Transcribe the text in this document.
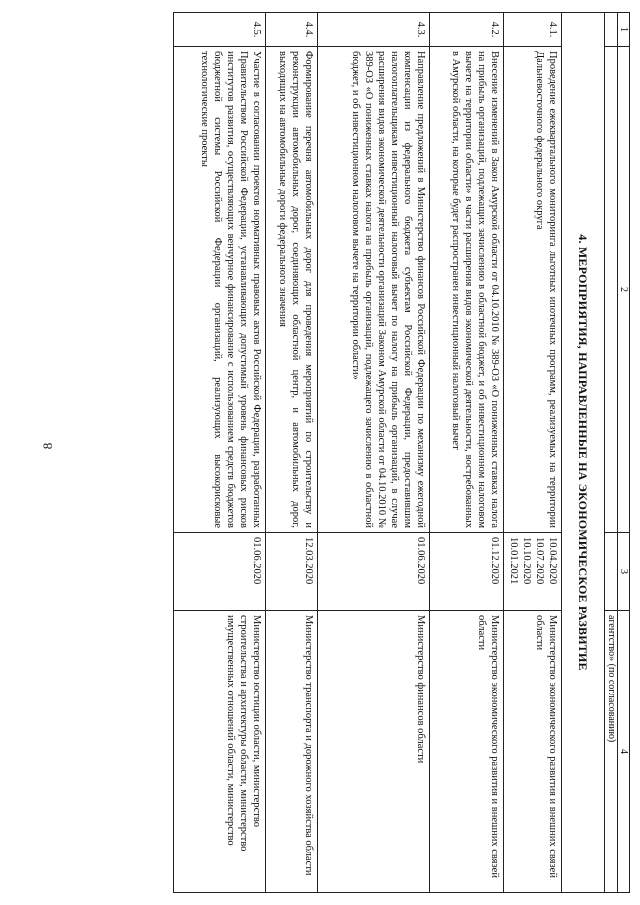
8
1	2	3	4
			агентство» (по согласованию)
4. МЕРОПРИЯТИЯ, НАПРАВЛЕННЫЕ НА ЭКОНОМИЧЕСКОЕ РАЗВИТИЕ			
4.1.	Проведение ежеквартального мониторинга льготных ипотечных программ, реализуемых на территории Дальневосточного федерального округа	10.04.2020
10.07.2020
10.10.2020
10.01.2021	Министерство экономического развития и внешних связей области
4.2.	Внесение изменений в Закон Амурской области от 04.10.2010 № 389-ОЗ «О пониженных ставках налога на прибыль организаций, подлежащих зачислению в областной бюджет, и об инвестиционном налоговом вычете на территории области» в части расширения видов экономической деятельности, востребованных в Амурской области, на которые будет распространен инвестиционный налоговый вычет	01.12.2020	Министерство экономического развития и внешних связей области
4.3.	Направление предложений в Министерство финансов Российской Федерации по механизму ежегодной компенсации из федерального бюджета субъектам Российской Федерации, предоставившим налогоплательщикам инвестиционный налоговый вычет по налогу на прибыль организаций, в случае расширения видов экономической деятельности организаций Законом Амурской области от 04.10.2010 № 389-ОЗ «О пониженных ставках налога на прибыль организаций, подлежащего зачислению в областной бюджет, и об инвестиционном налоговом вычете на территории области»	01.06.2020	Министерство финансов области
4.4.	Формирование перечня автомобильных дорог для проведения мероприятий по строительству и реконструкции автомобильных дорог, соединяющих областной центр, и автомобильных дорог, выходящих на автомобильные дороги федерального значения	12.03.2020	Министерство транспорта и дорожного хозяйства области
4.5.	Участие в согласовании проектов нормативных правовых актов Российской Федерации, разработанных Правительством Российской Федерации, устанавливающих допустимый уровень финансовых рисков институтов развития, осуществляющих венчурное финансирование с использованием средств бюджетов бюджетной системы Российской Федерации организаций, реализующих высокорисковые технологические проекты	01.06.2020	Министерство юстиции области, министерство строительства и архитектуры области, министерство имущественных отношений области, министерство
